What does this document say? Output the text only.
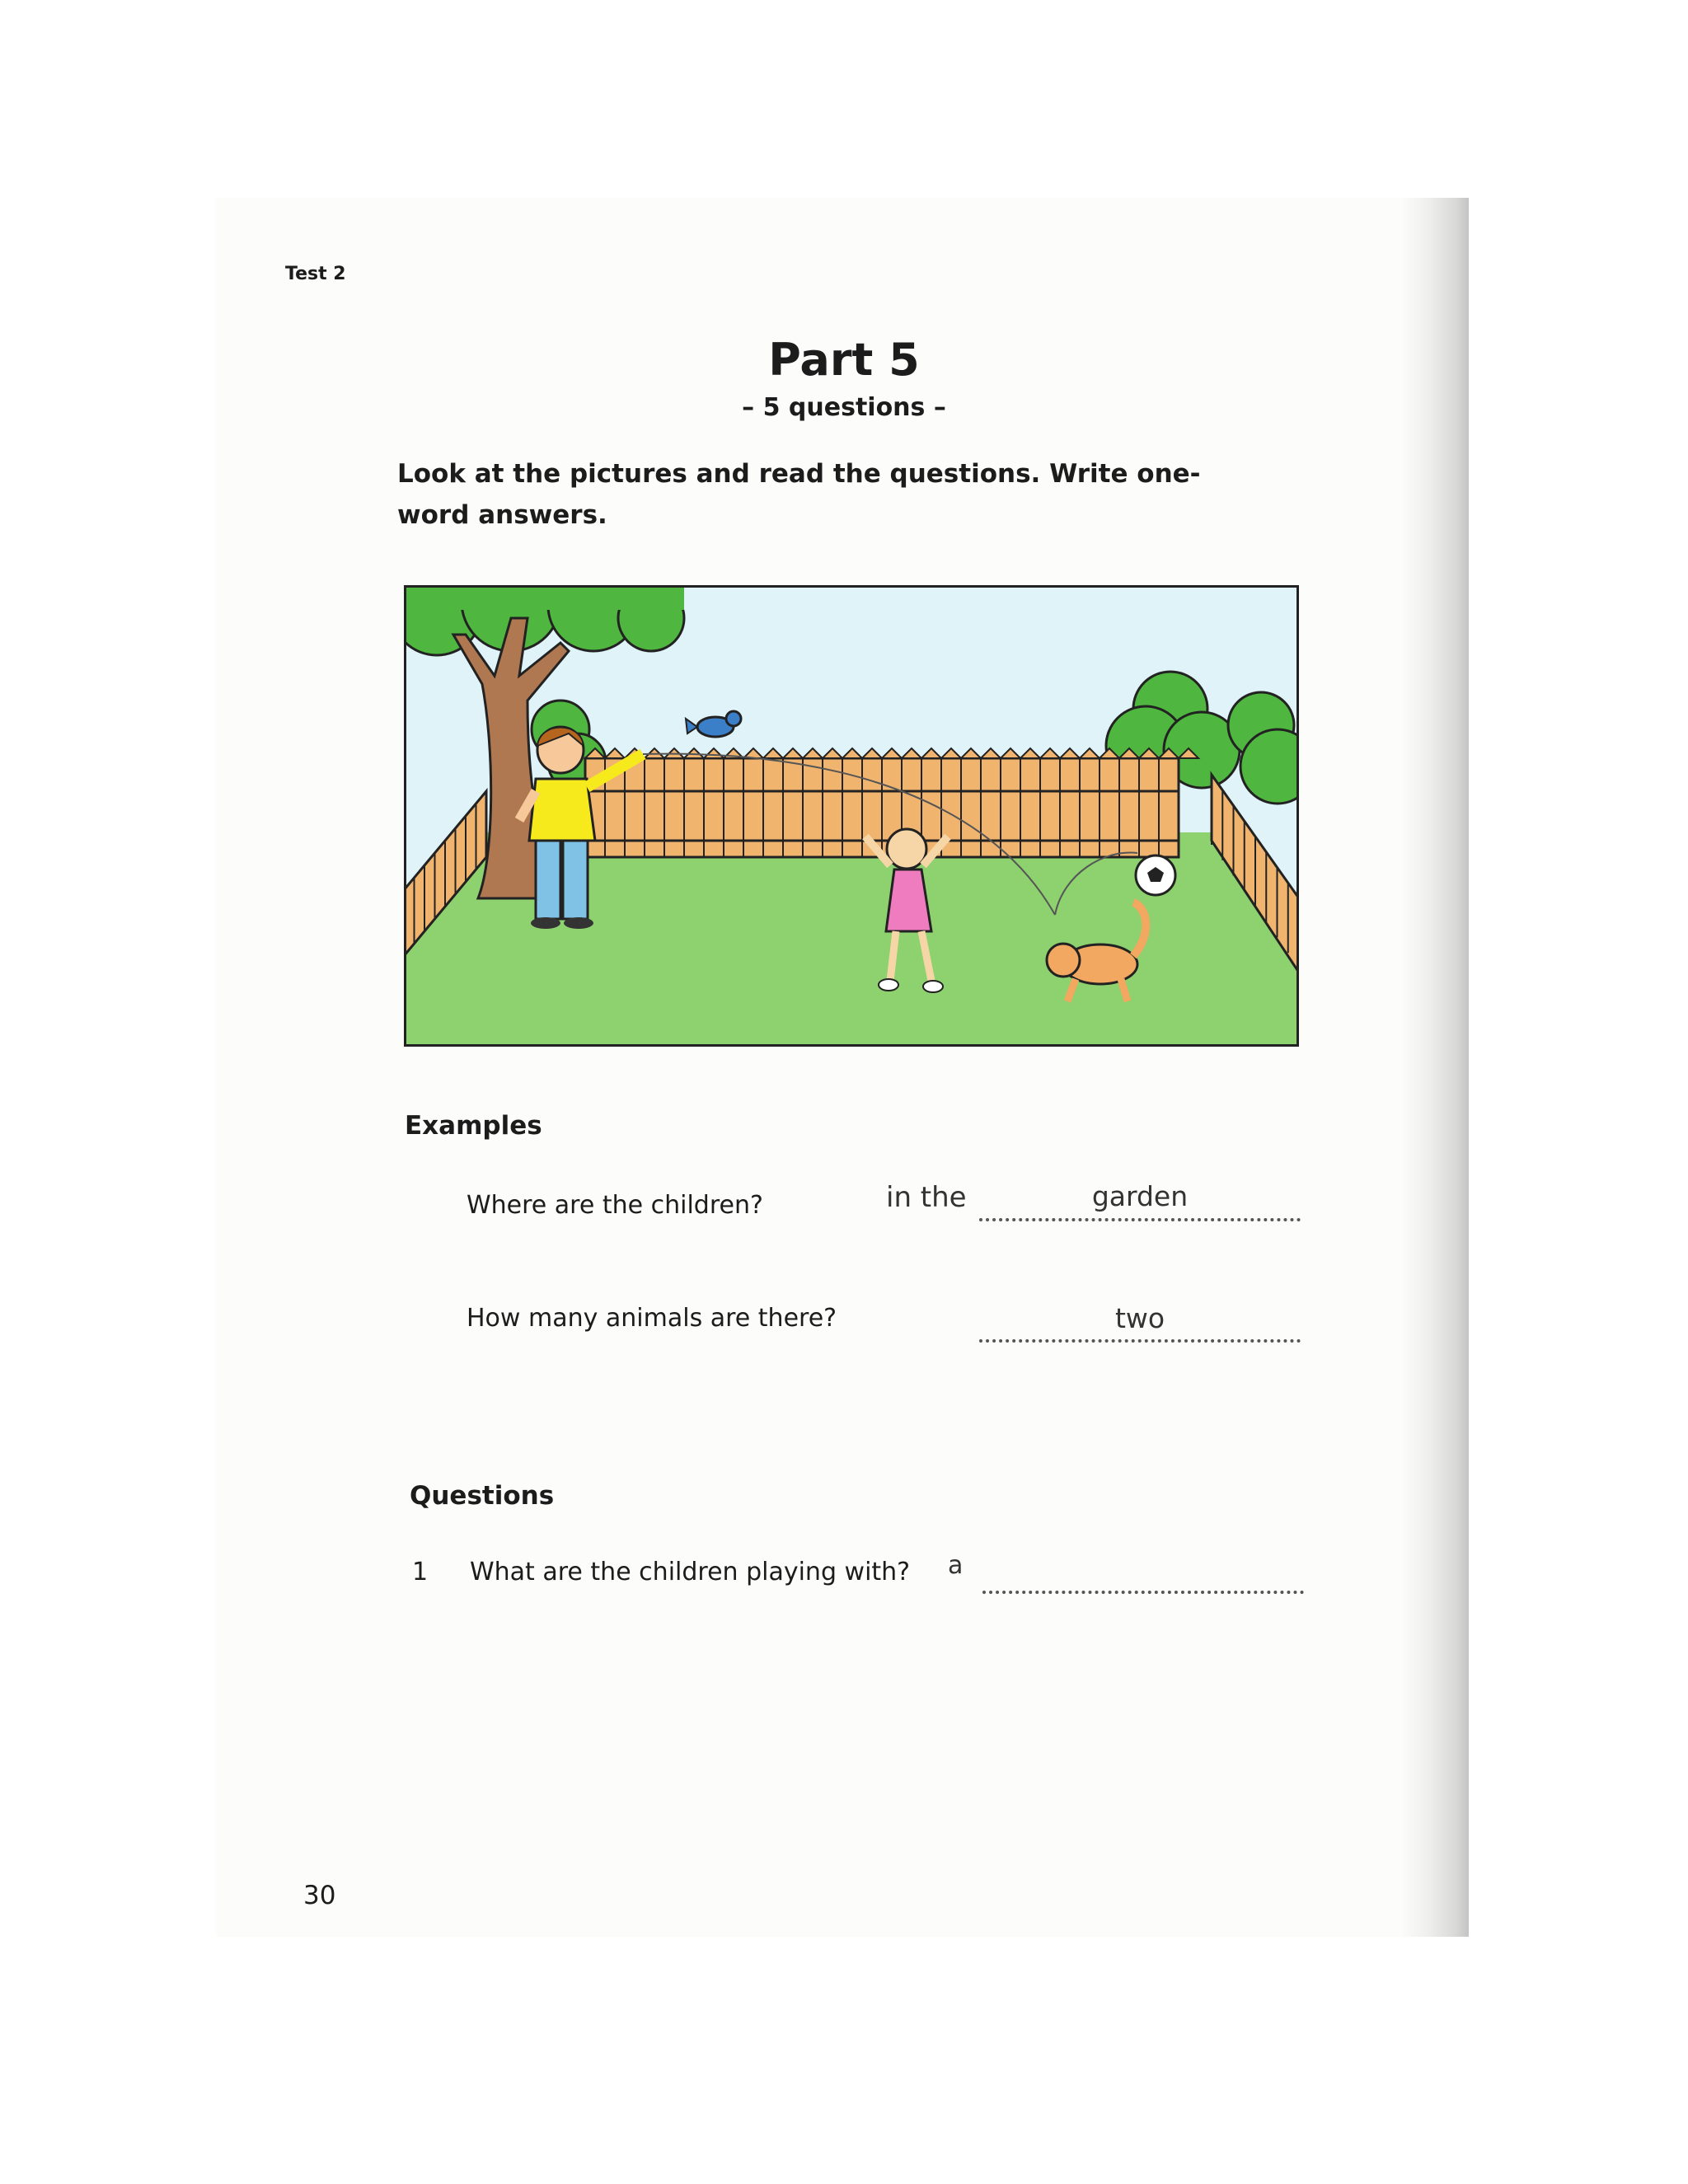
Test 2
Part 5
– 5 questions –
Look at the pictures and read the questions. Write one-word answers.
Examples
Where are the children?	in the	garden
How many animals are there?	two
Questions
1 What are the children playing with? a
30
